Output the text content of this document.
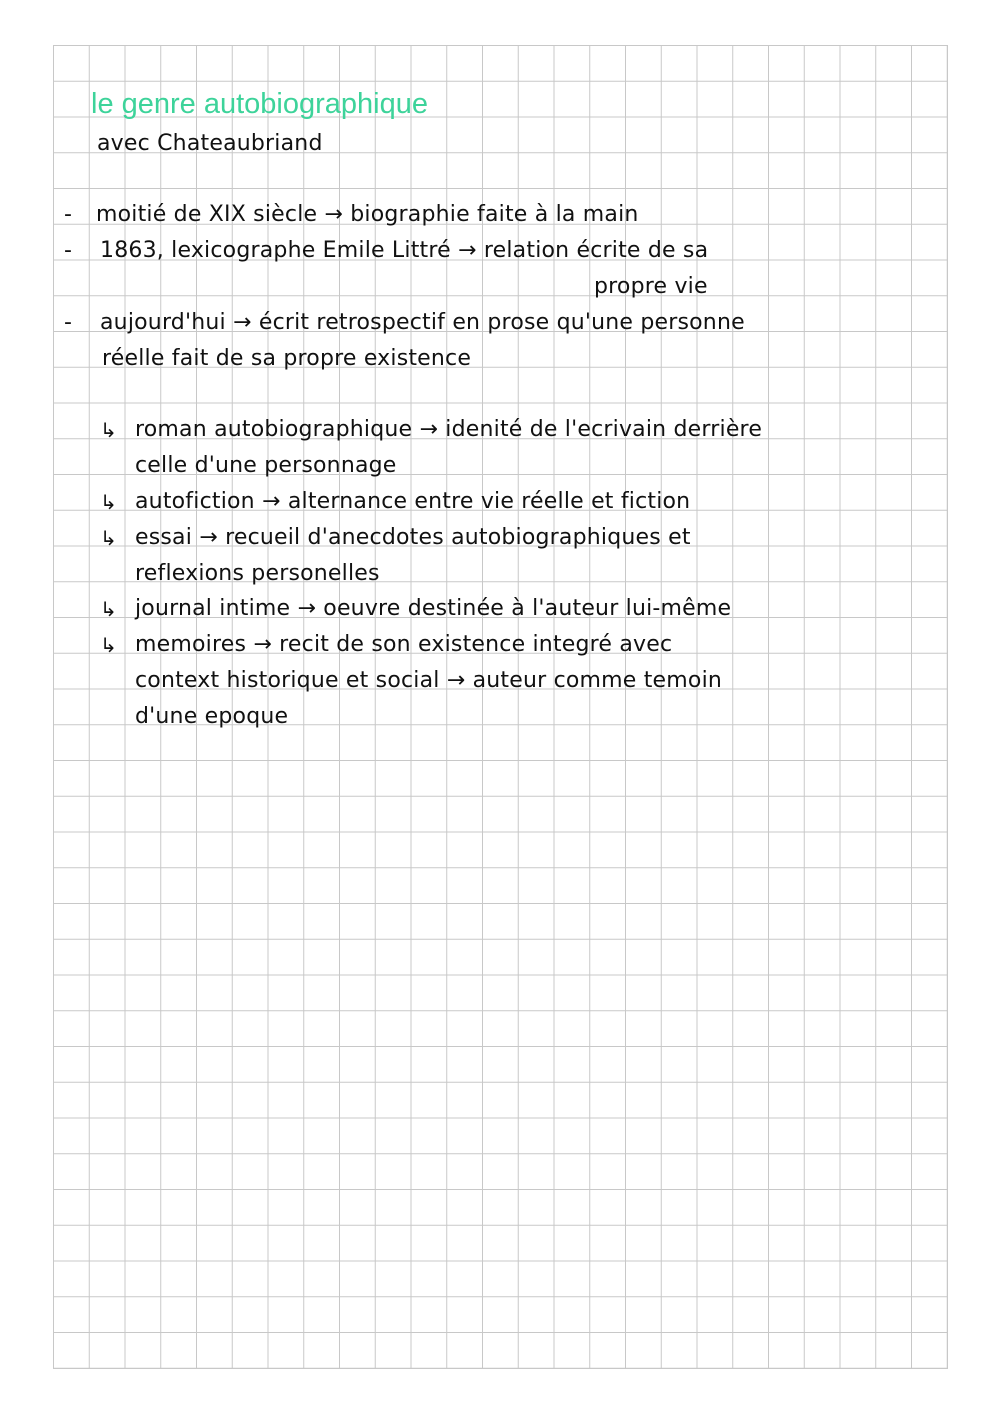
le genre autobiographique
avec Chateaubriand
- moitié de XIX siècle → biographie faite à la main
- 1863, lexicographe Emile Littré → relation écrite de sa
propre vie
- aujourd'hui → écrit retrospectif en prose qu'une personne
réelle fait de sa propre existence
↳ roman autobiographique → idenité de l'ecrivain derrière
celle d'une personnage
↳ autofiction → alternance entre vie réelle et fiction
↳ essai → recueil d'anecdotes autobiographiques et
reflexions personelles
↳ journal intime → oeuvre destinée à l'auteur lui-même
↳ memoires → recit de son existence integré avec
context historique et social → auteur comme temoin
d'une epoque
